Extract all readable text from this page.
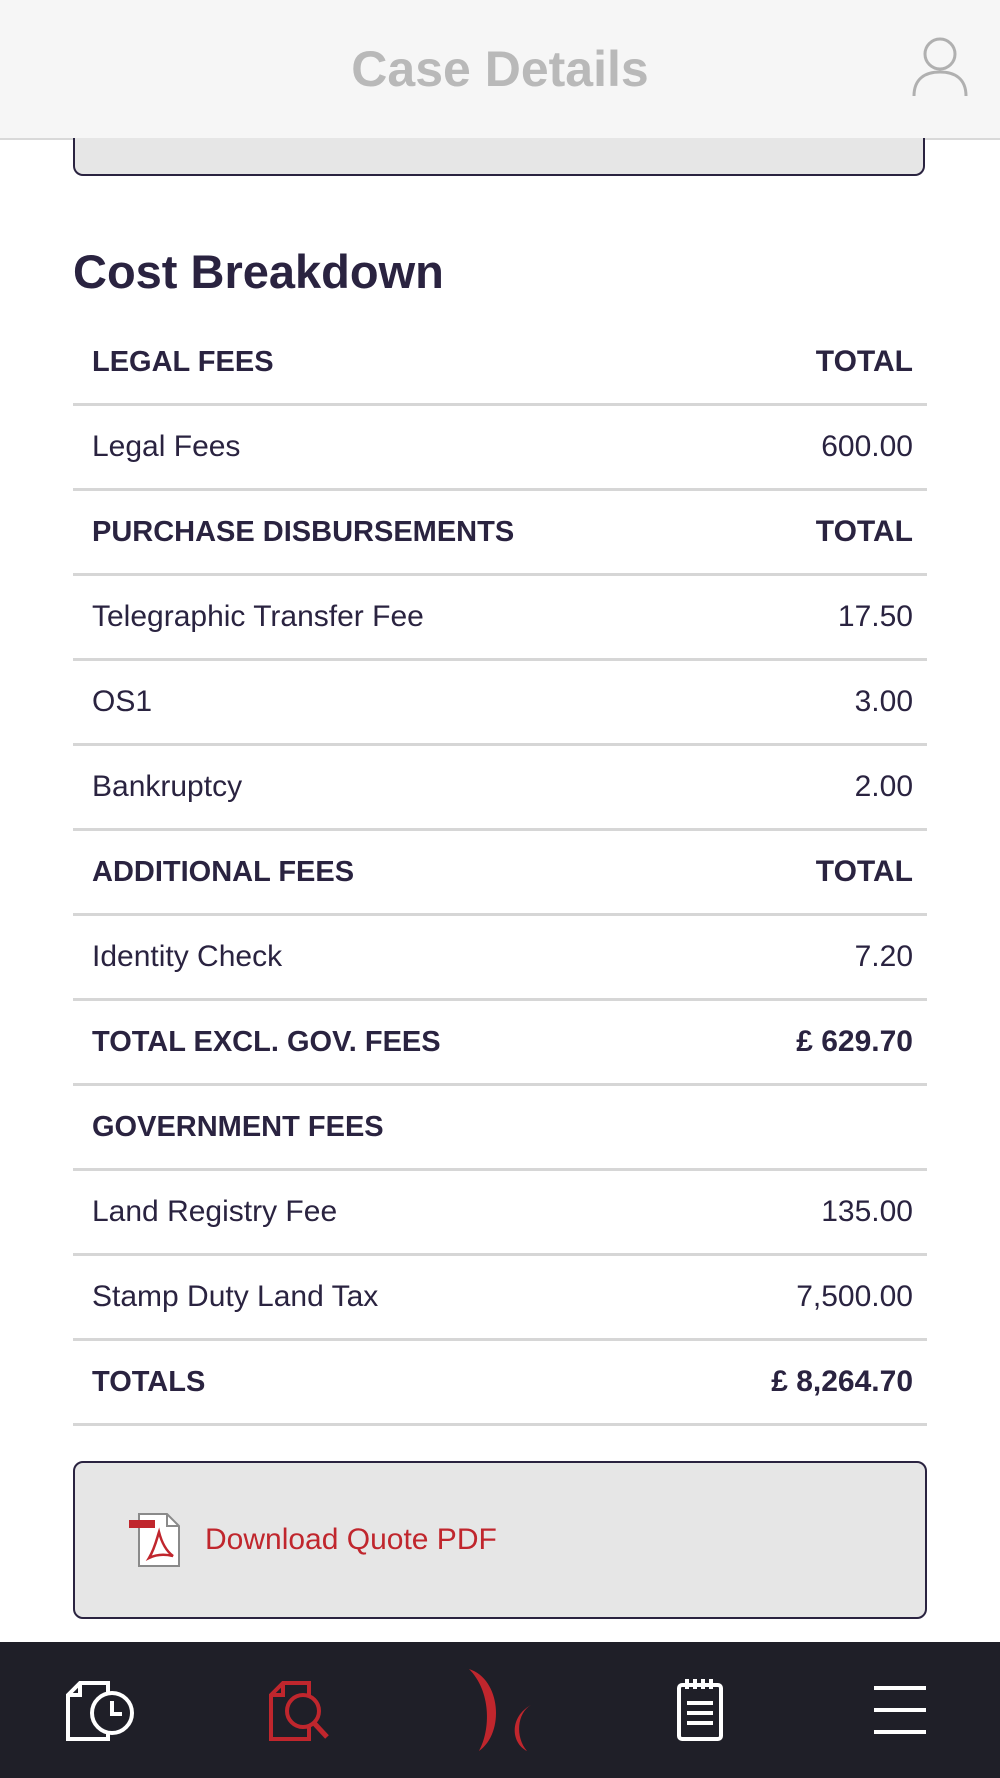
Case Details
Cost Breakdown
LEGAL FEES	TOTAL
Legal Fees	600.00
PURCHASE DISBURSEMENTS	TOTAL
Telegraphic Transfer Fee	17.50
OS1	3.00
Bankruptcy	2.00
ADDITIONAL FEES	TOTAL
Identity Check	7.20
TOTAL EXCL. GOV. FEES	£ 629.70
GOVERNMENT FEES
Land Registry Fee	135.00
Stamp Duty Land Tax	7,500.00
TOTALS	£ 8,264.70
Download Quote PDF
